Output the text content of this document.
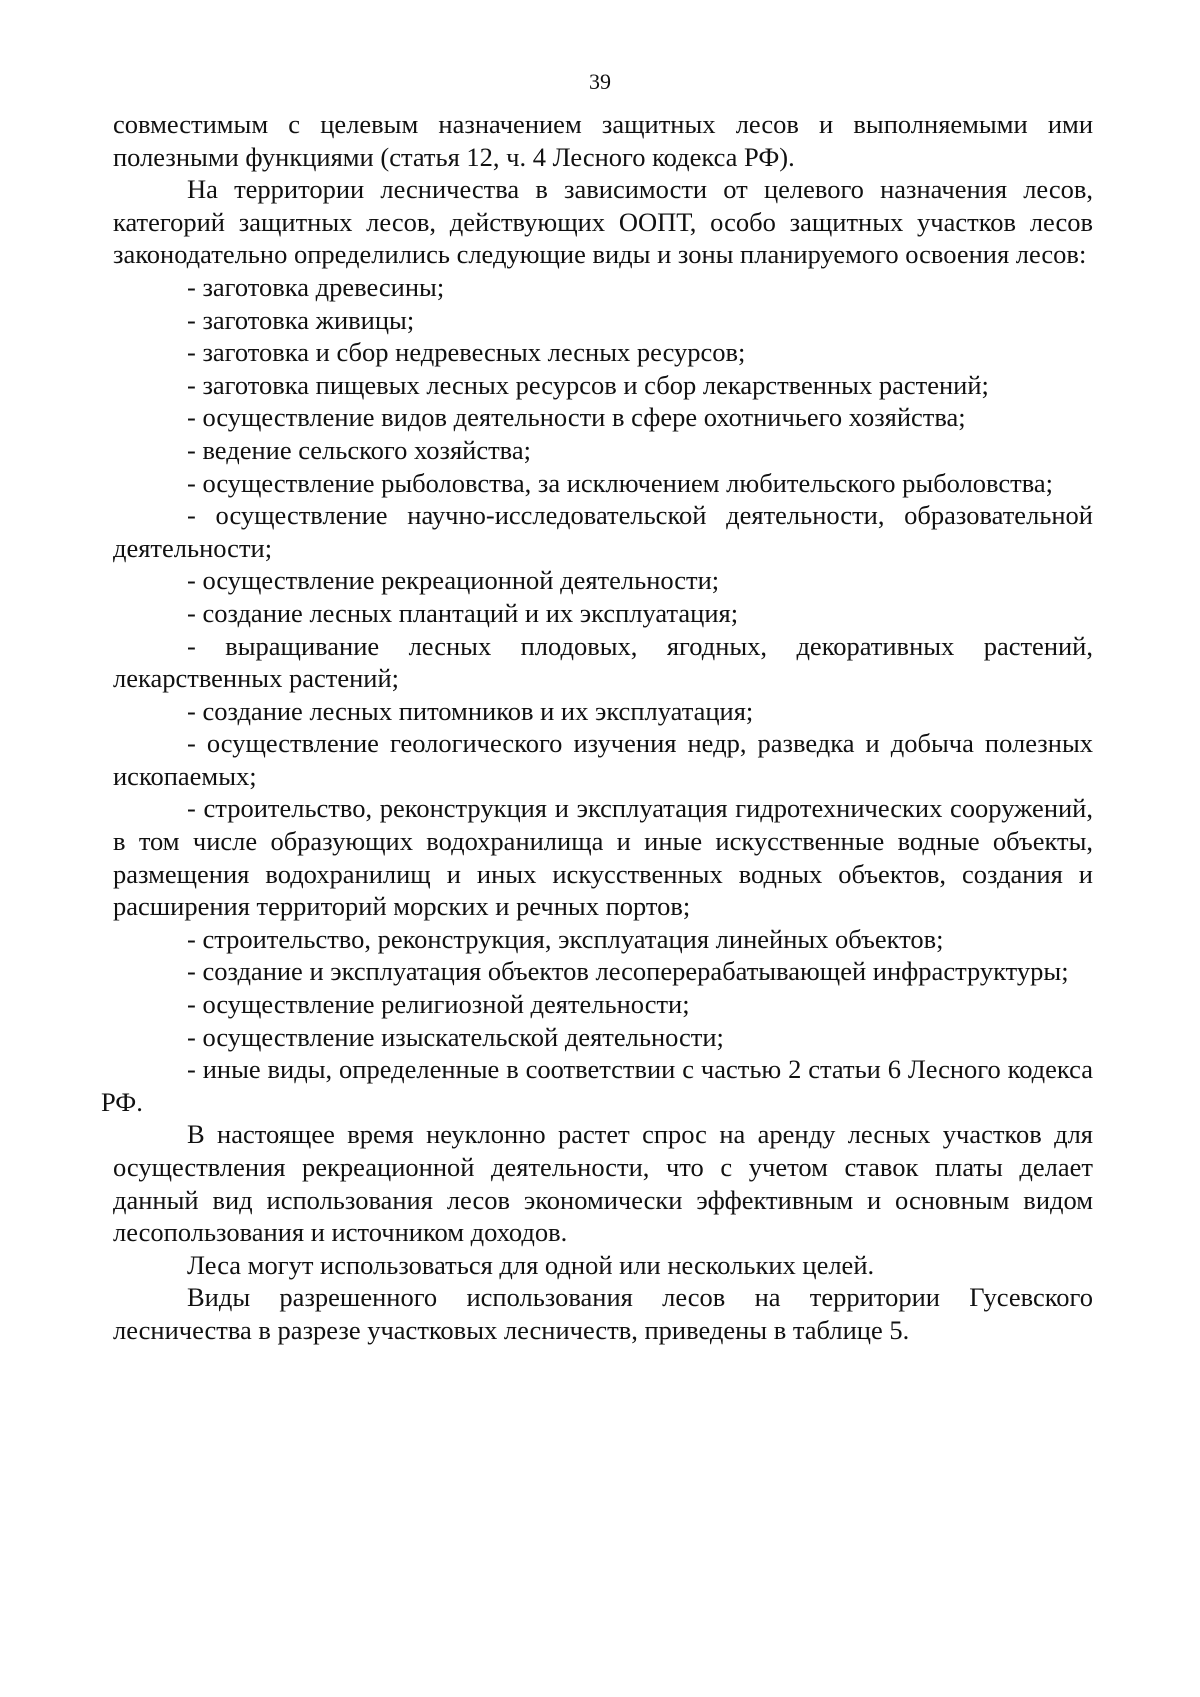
39

совместимым с целевым назначением защитных лесов и выполняемыми ими полезными функциями (статья 12, ч. 4 Лесного кодекса РФ).

На территории лесничества в зависимости от целевого назначения лесов, категорий защитных лесов, действующих ООПТ, особо защитных участков лесов законодательно определились следующие виды и зоны планируемого освоения лесов:

- заготовка древесины;

- заготовка живицы;

- заготовка и сбор недревесных лесных ресурсов;

- заготовка пищевых лесных ресурсов и сбор лекарственных растений;

- осуществление видов деятельности в сфере охотничьего хозяйства;

- ведение сельского хозяйства;

- осуществление рыболовства, за исключением любительского рыболовства;

- осуществление научно-исследовательской деятельности, образовательной деятельности;

- осуществление рекреационной деятельности;

- создание лесных плантаций и их эксплуатация;

- выращивание лесных плодовых, ягодных, декоративных растений, лекарственных растений;

- создание лесных питомников и их эксплуатация;

- осуществление геологического изучения недр, разведка и добыча полезных ископаемых;

- строительство, реконструкция и эксплуатация гидротехнических сооружений, в том числе образующих водохранилища и иные искусственные водные объекты, размещения водохранилищ и иных искусственных водных объектов, создания и расширения территорий морских и речных портов;

- строительство, реконструкция, эксплуатация линейных объектов;

- создание и эксплуатация объектов лесоперерабатывающей инфраструктуры;

- осуществление религиозной деятельности;

- осуществление изыскательской деятельности;

- иные виды, определенные в соответствии с частью 2 статьи 6 Лесного кодекса РФ.

В настоящее время неуклонно растет спрос на аренду лесных участков для осуществления рекреационной деятельности, что с учетом ставок платы делает данный вид использования лесов экономически эффективным и основным видом лесопользования и источником доходов.

Леса могут использоваться для одной или нескольких целей.

Виды разрешенного использования лесов на территории Гусевского лесничества в разрезе участковых лесничеств, приведены в таблице 5.
